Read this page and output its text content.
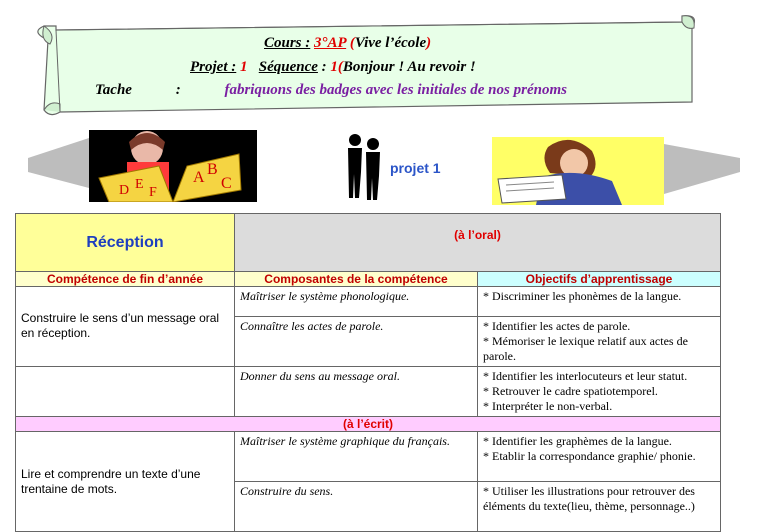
Cours : 3°AP (Vive l’école)
Projet : 1 Séquence : 1(Bonjour ! Au revoir !
Tache	:	fabriquons des badges avec les initiales de nos prénoms
A B
C
D E
F
projet 1
Réception	(à l’oral)	
Compétence de fin d’année	Composantes de la compétence	Objectifs d’apprentissage
Construire le sens d’un message oral en réception.	Maîtriser le système phonologique.	* Discriminer les phonèmes de la langue.

	Connaître les actes de parole.	* Identifier les actes de parole.
* Mémoriser le lexique relatif aux actes de parole.

	Donner du sens au message oral.	* Identifier les interlocuteurs et leur statut.
* Retrouver le cadre spatiotemporel.
* Interpréter le non-verbal.

(à l’écrit)		
Lire et comprendre un texte d’une trentaine de mots.	Maîtriser le système graphique du français.	* Identifier les graphèmes de la langue.
* Etablir la correspondance graphie/ phonie.

	Construire du sens.	* Utiliser les illustrations pour retrouver des éléments du texte(lieu, thème, personnage..)
